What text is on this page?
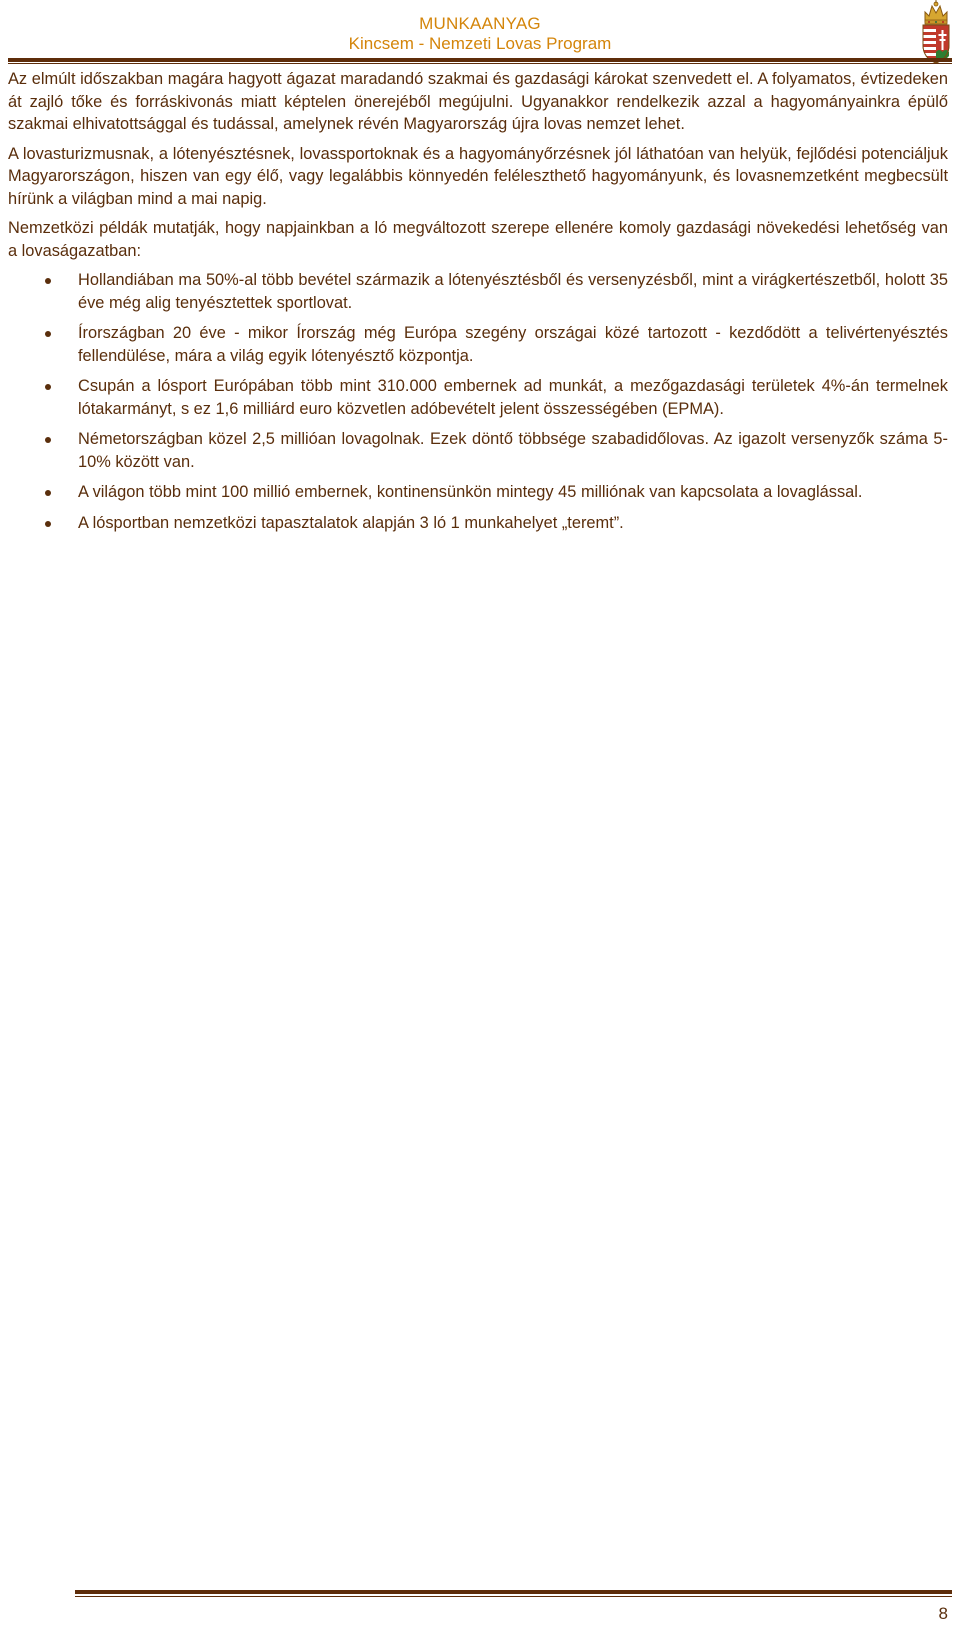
MUNKAANYAG
Kincsem - Nemzeti Lovas Program

Az elmúlt időszakban magára hagyott ágazat maradandó szakmai és gazdasági károkat szenvedett el. A folyamatos, évtizedeken át zajló tőke és forráskivonás miatt képtelen önerejéből megújulni. Ugyanakkor rendelkezik azzal a hagyományainkra épülő szakmai elhivatottsággal és tudással, amelynek révén Magyarország újra lovas nemzet lehet.

A lovasturizmusnak, a lótenyésztésnek, lovassportoknak és a hagyományőrzésnek jól láthatóan van helyük, fejlődési potenciáljuk Magyarországon, hiszen van egy élő, vagy legalábbis könnyedén feléleszthető hagyományunk, és lovasnemzetként megbecsült hírünk a világban mind a mai napig.

Nemzetközi példák mutatják, hogy napjainkban a ló megváltozott szerepe ellenére komoly gazdasági növekedési lehetőség van a lovaságazatban:

Hollandiában ma 50%-al több bevétel származik a lótenyésztésből és versenyzésből, mint a virágkertészetből, holott 35 éve még alig tenyésztettek sportlovat.
Írországban 20 éve - mikor Írország még Európa szegény országai közé tartozott - kezdődött a telivértenyésztés fellendülése, mára a világ egyik lótenyésztő központja.
Csupán a lósport Európában több mint 310.000 embernek ad munkát, a mezőgazdasági területek 4%-án termelnek lótakarmányt, s ez 1,6 milliárd euro közvetlen adóbevételt jelent összességében (EPMA).
Németországban közel 2,5 millióan lovagolnak. Ezek döntő többsége szabadidőlovas. Az igazolt versenyzők száma 5-10% között van.
A világon több mint 100 millió embernek, kontinensünkön mintegy 45 milliónak van kapcsolata a lovaglással.
A lósportban nemzetközi tapasztalatok alapján 3 ló 1 munkahelyet „teremt”.
8
